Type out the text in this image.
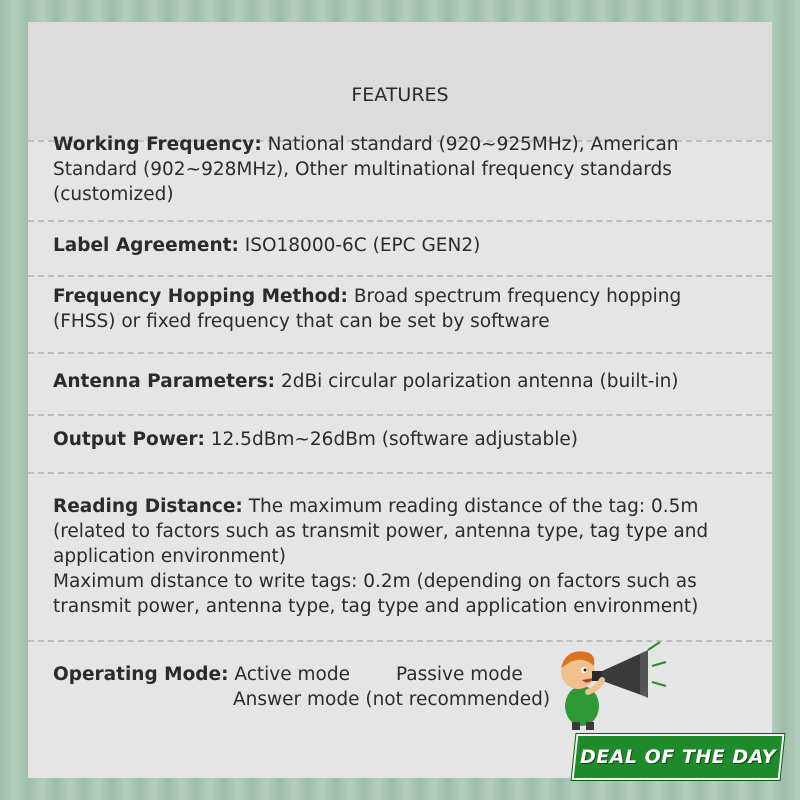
FEATURES
Working Frequency: National standard (920~925MHz), American
Standard (902~928MHz), Other multinational frequency standards
(customized)
Label Agreement: ISO18000-6C (EPC GEN2)
Frequency Hopping Method: Broad spectrum frequency hopping
(FHSS) or fixed frequency that can be set by software
Antenna Parameters: 2dBi circular polarization antenna (built-in)
Output Power: 12.5dBm~26dBm (software adjustable)
Reading Distance: The maximum reading distance of the tag: 0.5m
(related to factors such as transmit power, antenna type, tag type and
application environment)
Maximum distance to write tags: 0.2m (depending on factors such as
transmit power, antenna type, tag type and application environment)
Operating Mode: Active mode Passive mode
Answer mode (not recommended)
DEAL OF THE DAY
